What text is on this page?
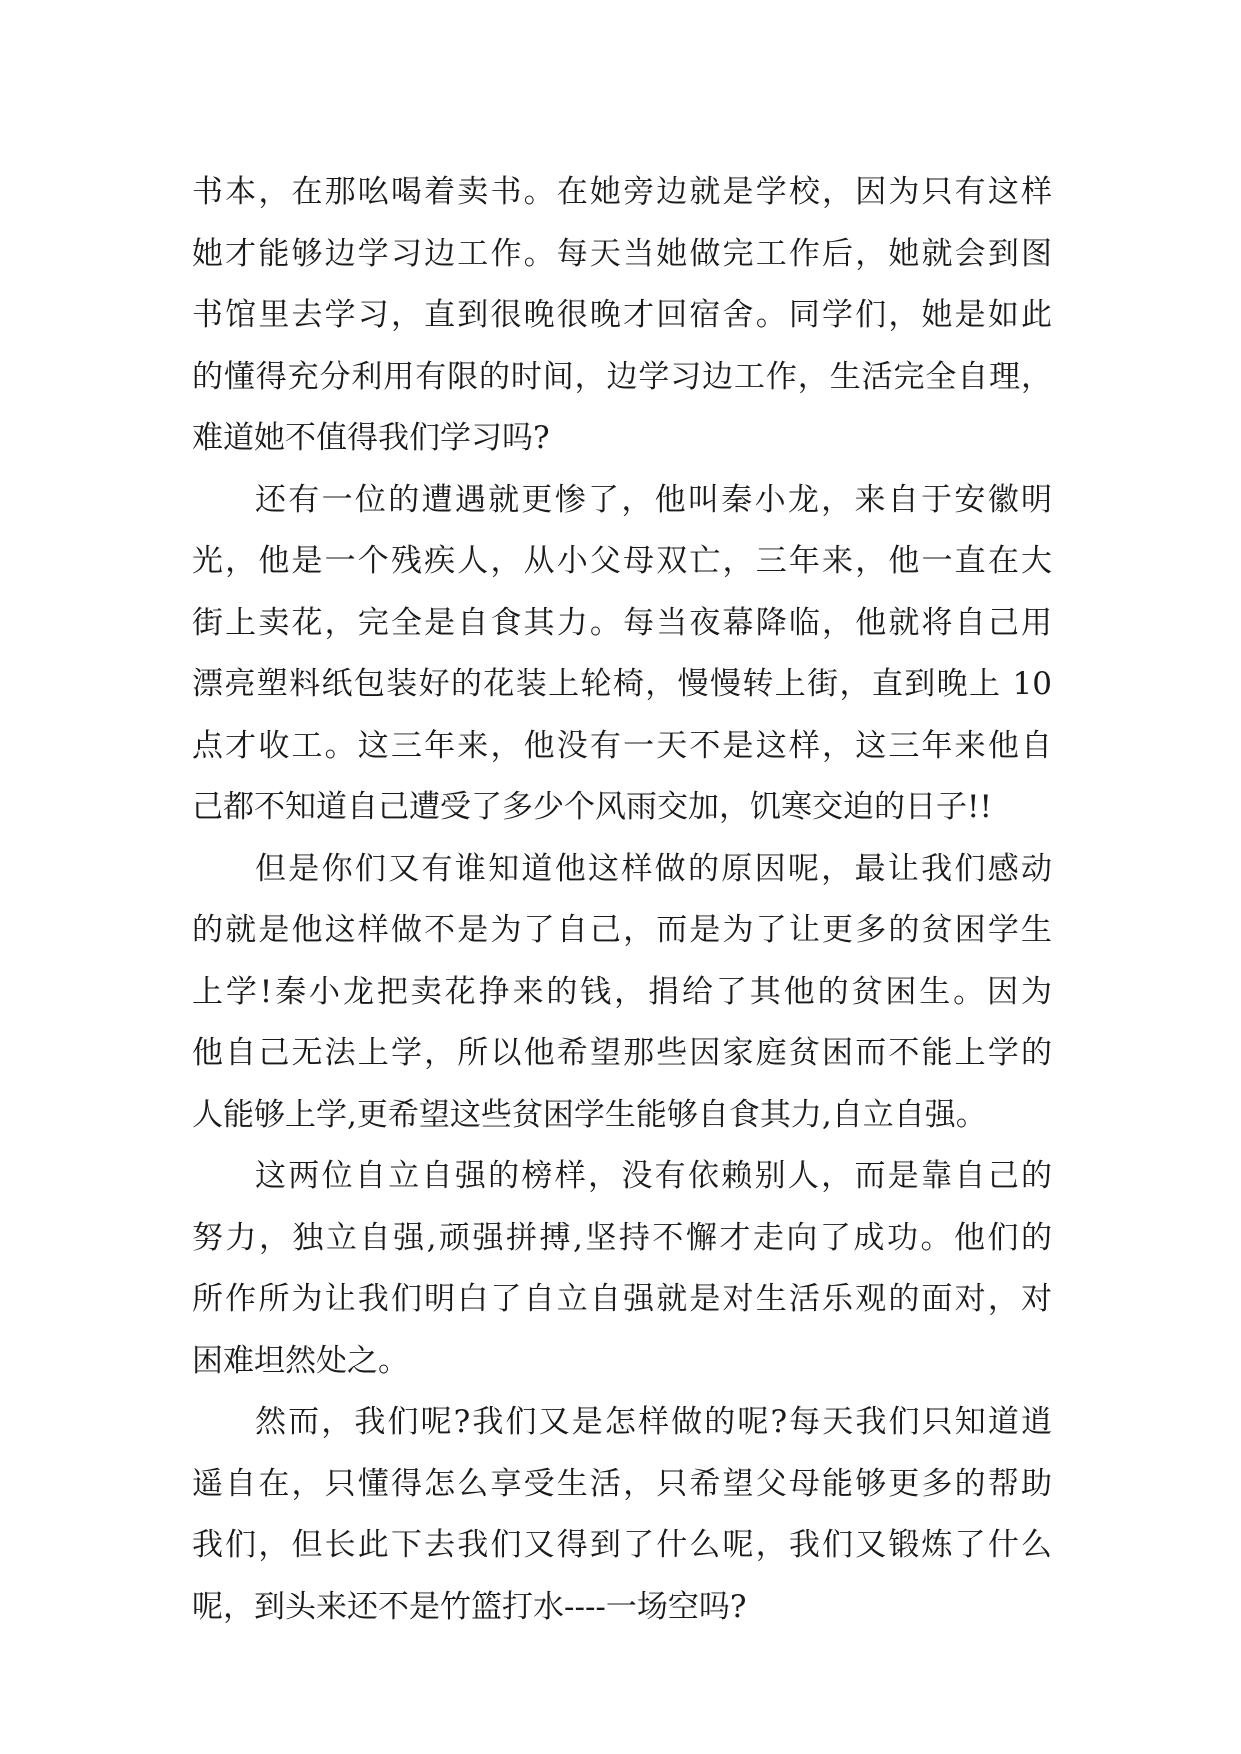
书本，在那吆喝着卖书。在她旁边就是学校，因为只有这样
她才能够边学习边工作。每天当她做完工作后，她就会到图
书馆里去学习，直到很晚很晚才回宿舍。同学们，她是如此
的懂得充分利用有限的时间，边学习边工作，生活完全自理，
难道她不值得我们学习吗?
还有一位的遭遇就更惨了，他叫秦小龙，来自于安徽明
光，他是一个残疾人，从小父母双亡，三年来，他一直在大
街上卖花，完全是自食其力。每当夜幕降临，他就将自己用
漂亮塑料纸包装好的花装上轮椅，慢慢转上街，直到晚上 10
点才收工。这三年来，他没有一天不是这样，这三年来他自
己都不知道自己遭受了多少个风雨交加，饥寒交迫的日子!!
但是你们又有谁知道他这样做的原因呢，最让我们感动
的就是他这样做不是为了自己，而是为了让更多的贫困学生
上学!秦小龙把卖花挣来的钱，捐给了其他的贫困生。因为
他自己无法上学，所以他希望那些因家庭贫困而不能上学的
人能够上学,更希望这些贫困学生能够自食其力,自立自强。
这两位自立自强的榜样，没有依赖别人，而是靠自己的
努力，独立自强,顽强拼搏,坚持不懈才走向了成功。他们的
所作所为让我们明白了自立自强就是对生活乐观的面对，对
困难坦然处之。
然而，我们呢?我们又是怎样做的呢?每天我们只知道逍
遥自在，只懂得怎么享受生活，只希望父母能够更多的帮助
我们，但长此下去我们又得到了什么呢，我们又锻炼了什么
呢，到头来还不是竹篮打水----一场空吗?
